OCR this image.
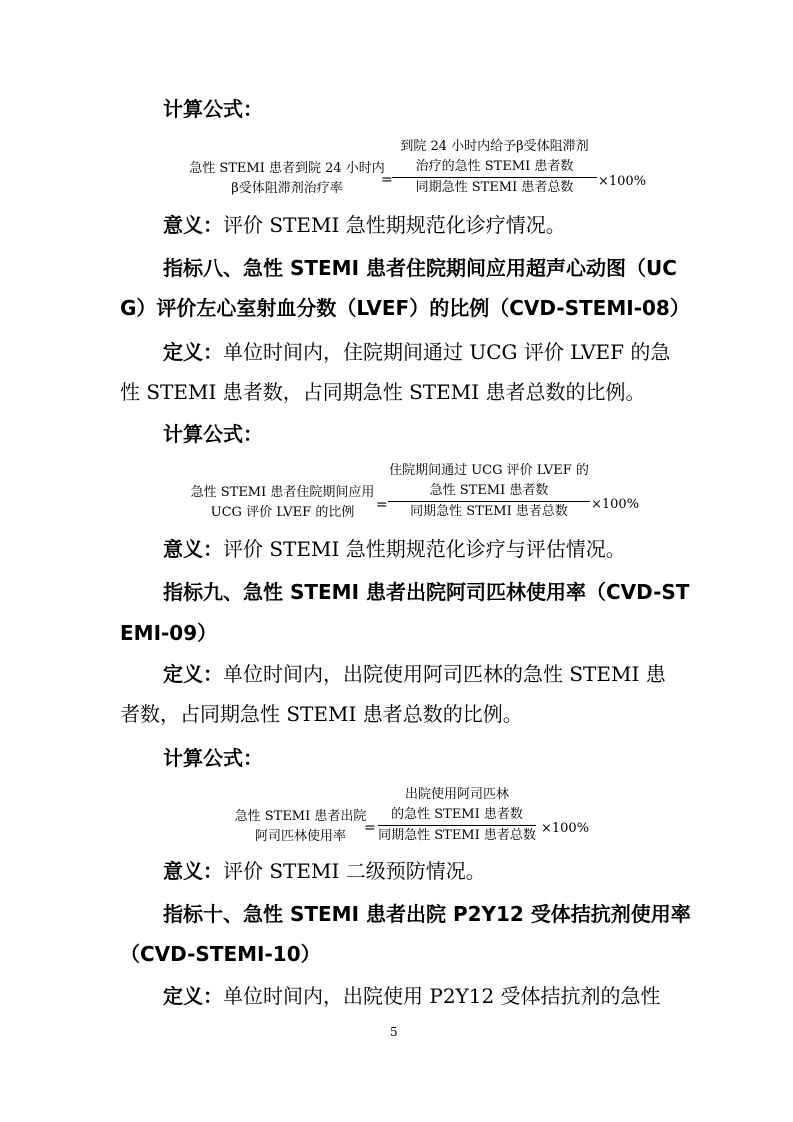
计算公式：
急性 STEMI 患者到院 24 小时内
β受体阻滞剂治疗率
=
到院 24 小时内给予β受体阻滞剂
治疗的急性 STEMI 患者数
同期急性 STEMI 患者总数	×100%
意义：评价 STEMI 急性期规范化诊疗情况。
指标八、急性 STEMI 患者住院期间应用超声心动图（UC
G）评价左心室射血分数（LVEF）的比例（CVD-STEMI-08）
定义：单位时间内，住院期间通过 UCG 评价 LVEF 的急
性 STEMI 患者数，占同期急性 STEMI 患者总数的比例。
计算公式：
急性 STEMI 患者住院期间应用
UCG 评价 LVEF 的比例	=
住院期间通过 UCG 评价 LVEF 的
急性 STEMI 患者数
同期急性 STEMI 患者总数	×100%
意义：评价 STEMI 急性期规范化诊疗与评估情况。
指标九、急性 STEMI 患者出院阿司匹林使用率（CVD-ST
EMI-09）
定义：单位时间内，出院使用阿司匹林的急性 STEMI 患
者数，占同期急性 STEMI 患者总数的比例。
计算公式：
急性 STEMI 患者出院
阿司匹林使用率
=
出院使用阿司匹林
的急性 STEMI 患者数
同期急性 STEMI 患者总数 ×100%
意义：评价 STEMI 二级预防情况。
指标十、急性 STEMI 患者出院 P2Y12 受体拮抗剂使用率
（CVD-STEMI-10）
定义：单位时间内，出院使用 P2Y12 受体拮抗剂的急性
5
